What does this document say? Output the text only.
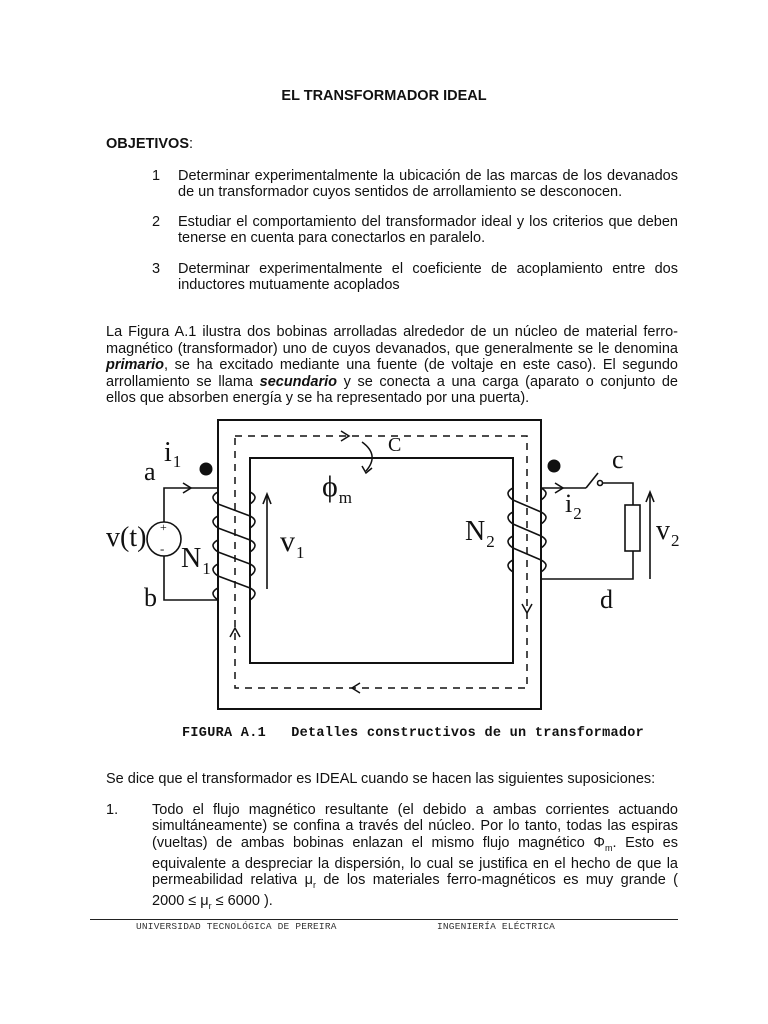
EL TRANSFORMADOR IDEAL
OBJETIVOS:
1 Determinar experimentalmente la ubicación de las marcas de los devanados de un transformador cuyos sentidos de arrollamiento se desconocen.
2 Estudiar el comportamiento del transformador ideal y los criterios que deben tenerse en cuenta para conectarlos en paralelo.
3 Determinar experimentalmente el coeficiente de acoplamiento entre dos inductores mutuamente acoplados
La Figura A.1 ilustra dos bobinas arrolladas alrededor de un núcleo de material ferro-magnético (transformador) uno de cuyos devanados, que generalmente se le denomina primario, se ha excitado mediante una fuente (de voltaje en este caso). El segundo arrollamiento se llama secundario y se conecta a una carga (aparato o conjunto de ellos que absorben energía y se ha representado por una puerta).
a
$i_1$
v(t) +
- $N_1$
b
$v_1$
$\phi_m$
C
$N_2$
$i_2$
c
$v_2$
d
FIGURA A.1   Detalles constructivos de un transformador
Se dice que el transformador es IDEAL cuando se hacen las siguientes suposiciones:
1. Todo el flujo magnético resultante (el debido a ambas corrientes actuando simultáneamente) se confina a través del núcleo. Por lo tanto, todas las espiras (vueltas) de ambas bobinas enlazan el mismo flujo magnético $\Phi_m$. Esto es equivalente a despreciar la dispersión, lo cual se justifica en el hecho de que la permeabilidad relativa $\mu_r$ de los materiales ferro-magnéticos es muy grande ( $2000 \le \mu_r \le 6000$ ).
UNIVERSIDAD TECNOLÓGICA DE PEREIRA	INGENIERÍA ELÉCTRICA
